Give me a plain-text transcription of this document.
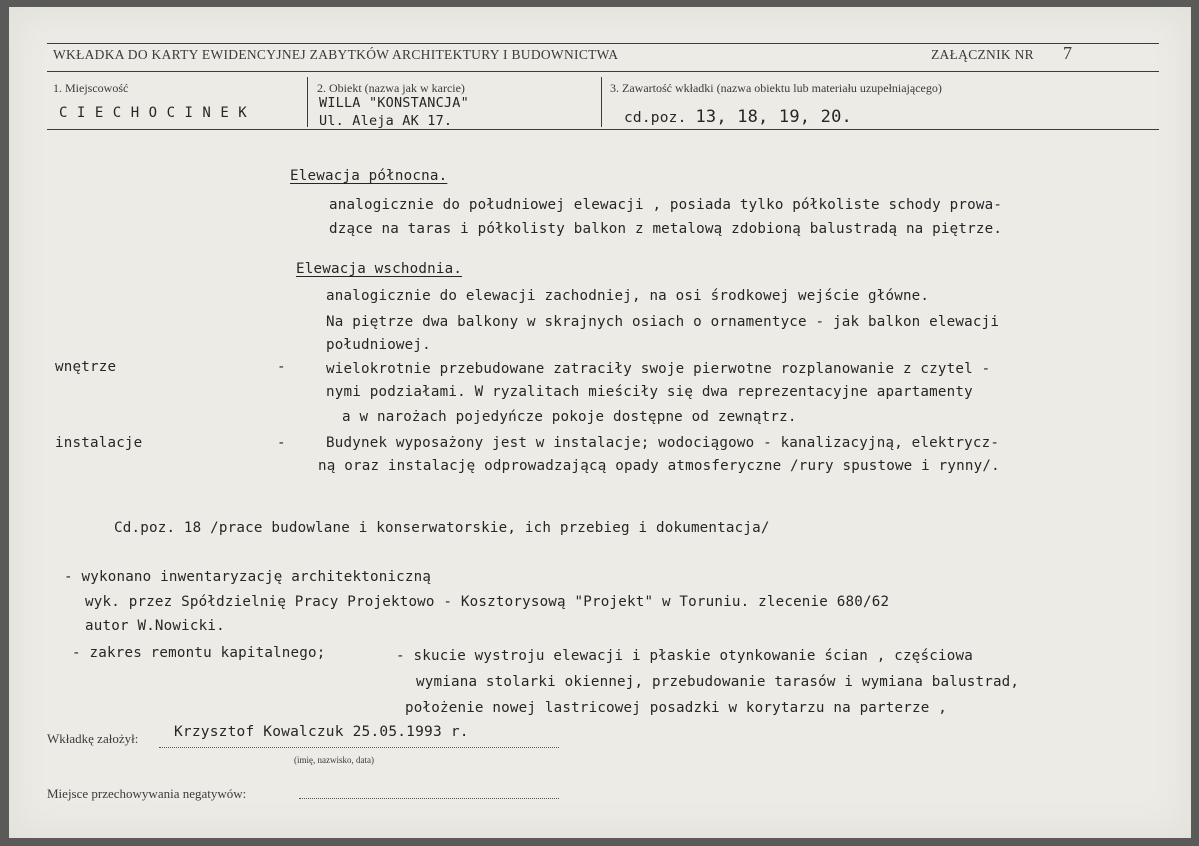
WKŁADKA DO KARTY EWIDENCYJNEJ ZABYTKÓW ARCHITEKTURY I BUDOWNICTWA	ZAŁĄCZNIK NR 7
1. Miejscowość
CIECHOCINEK
2. Obiekt (nazwa jak w karcie)
WILLA "KONSTANCJA"
Ul. Aleja AK 17.
3. Zawartość wkładki (nazwa obiektu lub materiału uzupełniającego)
cd.poz. 13, 18, 19, 20.
Elewacja północna.
analogicznie do południowej elewacji , posiada tylko półkoliste schody prowa-
dzące na taras i półkolisty balkon z metalową zdobioną balustradą na piętrze.
Elewacja wschodnia.
analogicznie do elewacji zachodniej, na osi środkowej wejście główne.
Na piętrze dwa balkony w skrajnych osiach o ornamentyce - jak balkon elewacji
południowej.
wnętrze	-	wielokrotnie przebudowane zatraciły swoje pierwotne rozplanowanie z czytel -
nymi podziałami. W ryzalitach mieściły się dwa reprezentacyjne apartamenty
a w narożach pojedyńcze pokoje dostępne od zewnątrz.
instalacje	-	Budynek wyposażony jest w instalacje; wodociągowo - kanalizacyjną, elektrycz-
ną oraz instalację odprowadzającą opady atmosferyczne /rury spustowe i rynny/.
Cd.poz. 18 /prace budowlane i konserwatorskie, ich przebieg i dokumentacja/
- wykonano inwentaryzację architektoniczną
wyk. przez Spółdzielnię Pracy Projektowo - Kosztorysową "Projekt" w Toruniu. zlecenie 680/62
autor W.Nowicki.
- zakres remontu kapitalnego;	- skucie wystroju elewacji i płaskie otynkowanie ścian , częściowa
wymiana stolarki okiennej, przebudowanie tarasów i wymiana balustrad,
położenie nowej lastricowej posadzki w korytarzu na parterze ,
Wkładkę założył: Krzysztof Kowalczuk 25.05.1993 r.
(imię, nazwisko, data)
Miejsce przechowywania negatywów:
